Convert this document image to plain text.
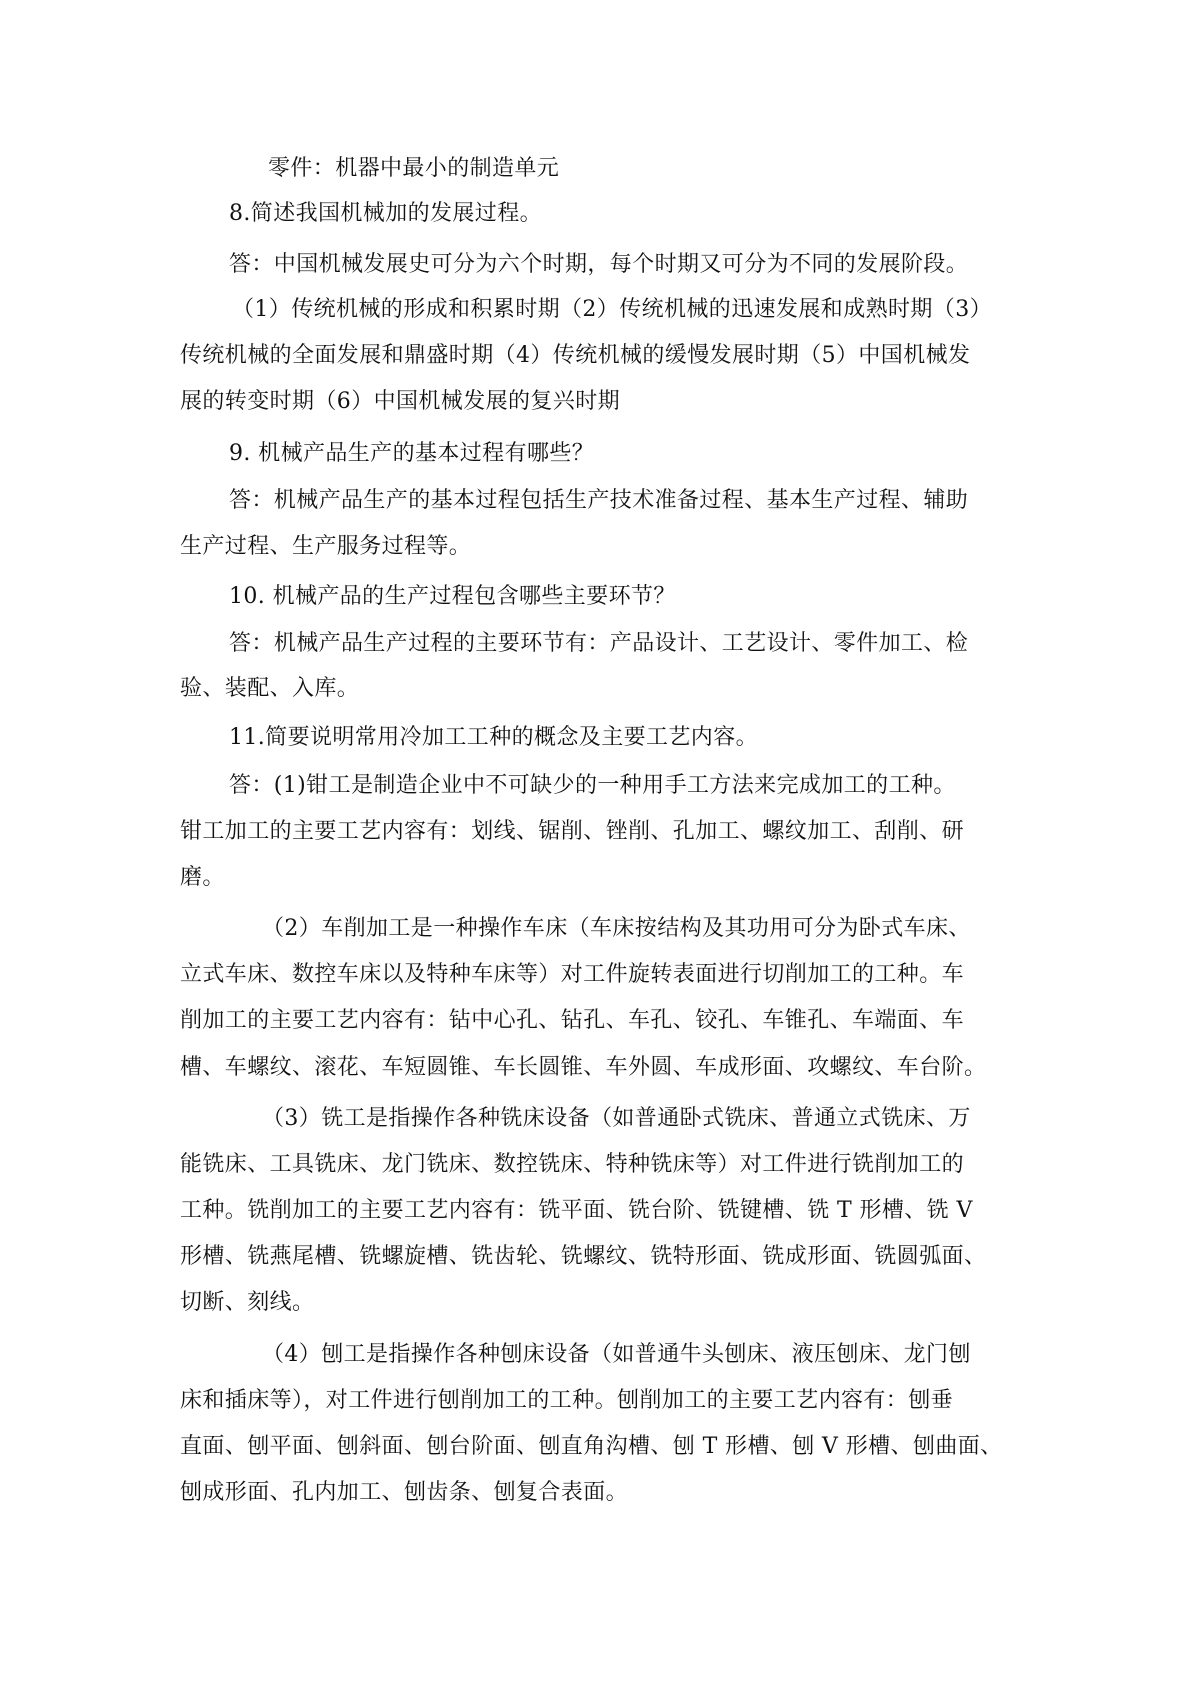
零件：机器中最小的制造单元
8.简述我国机械加的发展过程。
答：中国机械发展史可分为六个时期，每个时期又可分为不同的发展阶段。
（1）传统机械的形成和积累时期（2）传统机械的迅速发展和成熟时期（3）
传统机械的全面发展和鼎盛时期（4）传统机械的缓慢发展时期（5）中国机械发
展的转变时期（6）中国机械发展的复兴时期
9. 机械产品生产的基本过程有哪些？
答：机械产品生产的基本过程包括生产技术准备过程、基本生产过程、辅助
生产过程、生产服务过程等。
10. 机械产品的生产过程包含哪些主要环节？
答：机械产品生产过程的主要环节有：产品设计、工艺设计、零件加工、检
验、装配、入库。
11.简要说明常用冷加工工种的概念及主要工艺内容。
答：(1)钳工是制造企业中不可缺少的一种用手工方法来完成加工的工种。
钳工加工的主要工艺内容有：划线、锯削、锉削、孔加工、螺纹加工、刮削、研
磨。
（2）车削加工是一种操作车床（车床按结构及其功用可分为卧式车床、
立式车床、数控车床以及特种车床等）对工件旋转表面进行切削加工的工种。车
削加工的主要工艺内容有：钻中心孔、钻孔、车孔、铰孔、车锥孔、车端面、车
槽、车螺纹、滚花、车短圆锥、车长圆锥、车外圆、车成形面、攻螺纹、车台阶。
（3）铣工是指操作各种铣床设备（如普通卧式铣床、普通立式铣床、万
能铣床、工具铣床、龙门铣床、数控铣床、特种铣床等）对工件进行铣削加工的
工种。铣削加工的主要工艺内容有：铣平面、铣台阶、铣键槽、铣 T 形槽、铣 V
形槽、铣燕尾槽、铣螺旋槽、铣齿轮、铣螺纹、铣特形面、铣成形面、铣圆弧面、
切断、刻线。
（4）刨工是指操作各种刨床设备（如普通牛头刨床、液压刨床、龙门刨
床和插床等），对工件进行刨削加工的工种。刨削加工的主要工艺内容有：刨垂
直面、刨平面、刨斜面、刨台阶面、刨直角沟槽、刨 T 形槽、刨 V 形槽、刨曲面、
刨成形面、孔内加工、刨齿条、刨复合表面。
